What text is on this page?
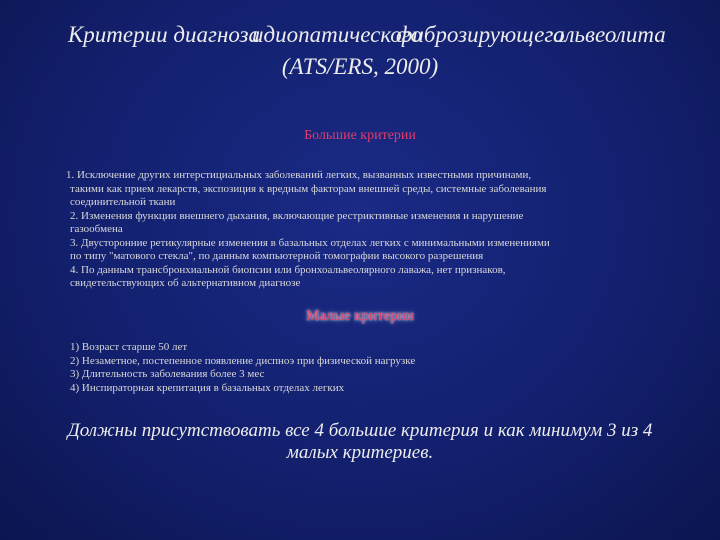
Критерии диагноза
идиопатического
фиброзирующего
альвеолита
(ATS/ERS, 2000)
Большие критерии
1. Исключение других интерстициальных заболеваний легких, вызванных известными причинами,
такими как прием лекарств, экспозиция к вредным факторам внешней среды, системные заболевания
соединительной ткани
2. Изменения функции внешнего дыхания, включающие рестриктивные изменения и нарушение
газообмена
3. Двусторонние ретикулярные изменения в базальных отделах легких с минимальными изменениями
по типу "матового стекла", по данным компьютерной томографии высокого разрешения
4. По данным трансбронхиальной биопсии или бронхоальвеолярного лаважа, нет признаков,
свидетельствующих об альтернативном диагнозе
Малые критерии
1) Возраст старше 50 лет
2) Незаметное, постепенное появление диспноэ при физической нагрузке
3) Длительность заболевания более 3 мес
4) Инспираторная крепитация в базальных отделах легких
Должны присутствовать все 4 большие критерия и как минимум 3 из 4
малых критериев.
